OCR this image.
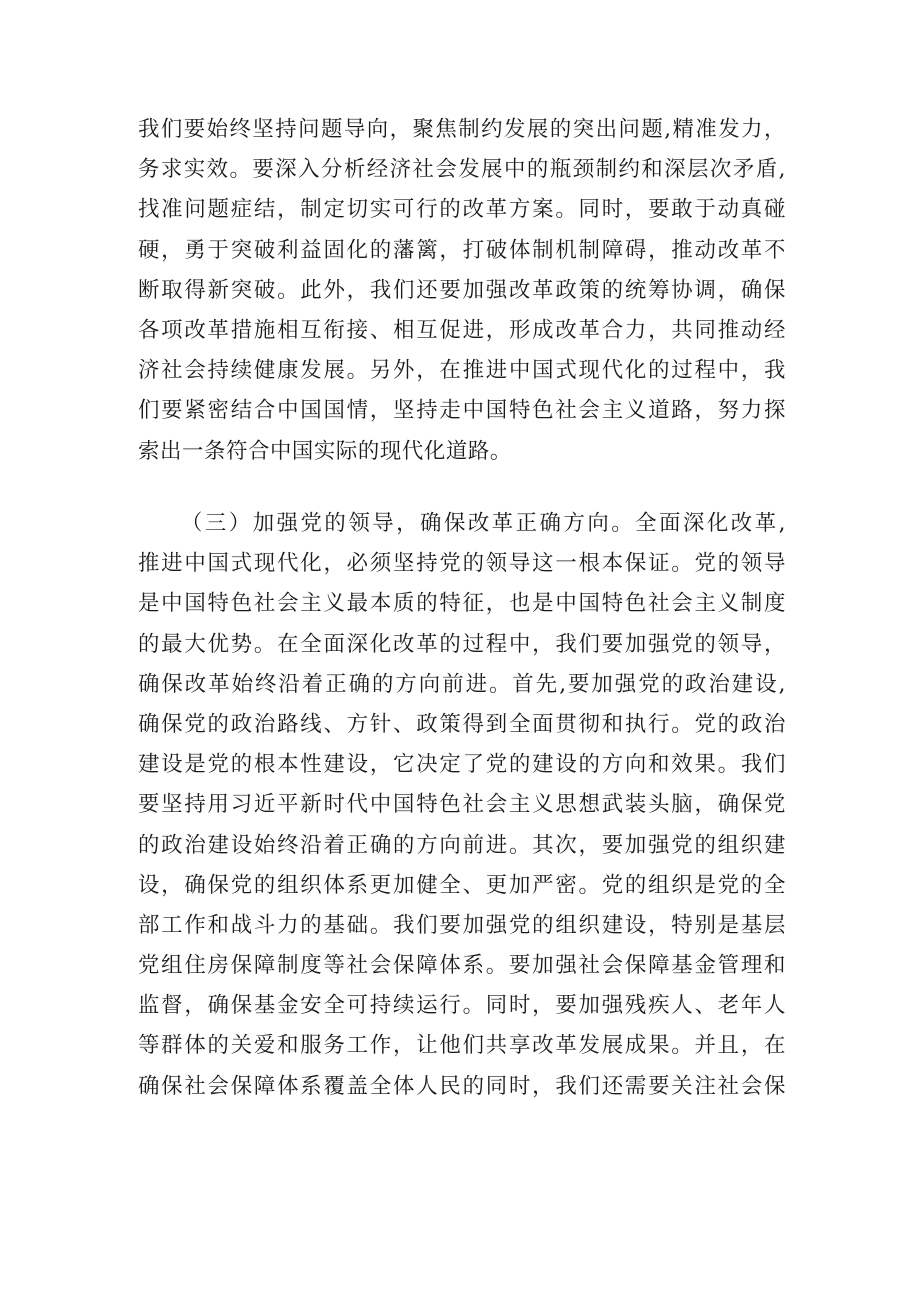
我们要始终坚持问题导向，聚焦制约发展的突出问题,精准发力，
务求实效。要深入分析经济社会发展中的瓶颈制约和深层次矛盾,
找准问题症结，制定切实可行的改革方案。同时，要敢于动真碰
硬，勇于突破利益固化的藩篱，打破体制机制障碍，推动改革不
断取得新突破。此外，我们还要加强改革政策的统筹协调，确保
各项改革措施相互衔接、相互促进，形成改革合力，共同推动经
济社会持续健康发展。另外，在推进中国式现代化的过程中，我
们要紧密结合中国国情，坚持走中国特色社会主义道路，努力探
索出一条符合中国实际的现代化道路。
（三）加强党的领导，确保改革正确方向。全面深化改革,
推进中国式现代化，必须坚持党的领导这一根本保证。党的领导
是中国特色社会主义最本质的特征，也是中国特色社会主义制度
的最大优势。在全面深化改革的过程中，我们要加强党的领导，
确保改革始终沿着正确的方向前进。首先,要加强党的政治建设,
确保党的政治路线、方针、政策得到全面贯彻和执行。党的政治
建设是党的根本性建设，它决定了党的建设的方向和效果。我们
要坚持用习近平新时代中国特色社会主义思想武装头脑，确保党
的政治建设始终沿着正确的方向前进。其次，要加强党的组织建
设，确保党的组织体系更加健全、更加严密。党的组织是党的全
部工作和战斗力的基础。我们要加强党的组织建设，特别是基层
党组住房保障制度等社会保障体系。要加强社会保障基金管理和
监督，确保基金安全可持续运行。同时，要加强残疾人、老年人
等群体的关爱和服务工作，让他们共享改革发展成果。并且，在
确保社会保障体系覆盖全体人民的同时，我们还需要关注社会保
